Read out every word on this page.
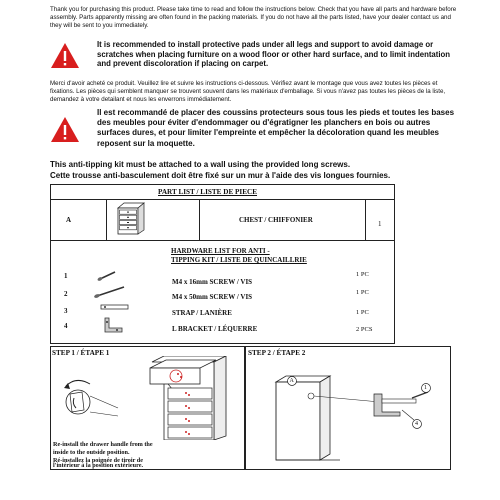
Thank you for purchasing this product. Please take time to read and follow the instructions below. Check that you have all parts and hardware before assembly. Parts apparently missing are often found in the packing materials. If you do not have all the parts listed, have your dealer contact us and they will be sent to you immediately.
It is recommended to install protective pads under all legs and support to avoid damage or scratches when placing furniture on a wood floor or other hard surface, and to limit indentation and prevent discoloration if placing on carpet.
Merci d'avoir acheté ce produit. Veuillez lire et suivre les instructions ci-dessous. Vérifiez avant le montage que vous avez toutes les pièces et fixations. Les pièces qui semblent manquer se trouvent souvent dans les matériaux d'emballage. Si vous n'avez pas toutes les pièces de la liste, demandez à votre detailant et nous les enverrons immédiatement.
Il est recommandé de placer des coussins protecteurs sous tous les pieds et toutes les bases des meubles pour éviter d'endommager ou d'égratigner les planchers en bois ou autres surfaces dures, et pour limiter l'empreinte et empêcher la décoloration quand les meubles reposent sur la moquette.
This anti-tipping kit must be attached to a wall using the provided long screws.
Cette trousse anti-basculement doit être fixé sur un mur à l'aide des vis longues fournies.
PART LIST / LISTE DE PIECE
A	CHEST / CHIFFONIER	1
HARDWARE LIST FOR ANTI -
TIPPING KIT / LISTE DE QUINCAILLRIE
1
2
3
4
M4 x 16mm SCREW / VIS
M4 x 50mm SCREW / VIS
STRAP / LANIÈRE
L BRACKET / LÉQUERRE
1 PC
1 PC
1 PC
2 PCS
STEP 1 / ÉTAPE 1
Re-install the drawer handle from the
inside to the outside position.
Ré-installez la poignée de tiroir de
l'intérieur à la position extérieure.
STEP 2 / ÉTAPE 2
A
1
4
